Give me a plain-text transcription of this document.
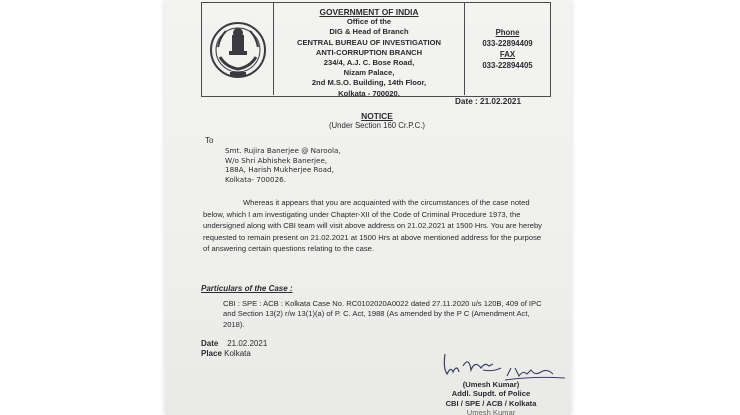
GOVERNMENT OF INDIA
Office of the
DIG & Head of Branch
CENTRAL BUREAU OF INVESTIGATION
ANTI-CORRUPTION BRANCH
234/4, A.J. C. Bose Road,
Nizam Palace,
2nd M.S.O. Building, 14th Floor,
Kolkata - 700020.
Phone
033-22894409
FAX
033-22894405
Date : 21.02.2021
NOTICE
(Under Section 160 Cr.P.C.)
To
Smt. Rujira Banerjee @ Naroola,
W/o Shri Abhishek Banerjee,
188A, Harish Mukherjee Road,
Kolkata- 700026.
Whereas it appears that you are acquainted with the circumstances of the case noted below, which I am investigating under Chapter-XII of the Code of Criminal Procedure 1973, the undersigned along with CBI team will visit above address on 21.02.2021 at 1500 Hrs. You are hereby requested to remain present on 21.02.2021 at 1500 Hrs at above mentioned address for the purpose of answering certain questions relating to the case.
Particulars of the Case :
CBI : SPE : ACB : Kolkata Case No. RC0102020A0022 dated 27.11.2020 u/s 120B, 409 of IPC and Section 13(2) r/w 13(1)(a) of P. C. Act, 1988 (As amended by the P C (Amendment Act, 2018).
Date 21.02.2021
Place Kolkata
(Umesh Kumar)
Addl. Supdt. of Police
CBI / SPE / ACB / Kolkata
Umesh Kumar
